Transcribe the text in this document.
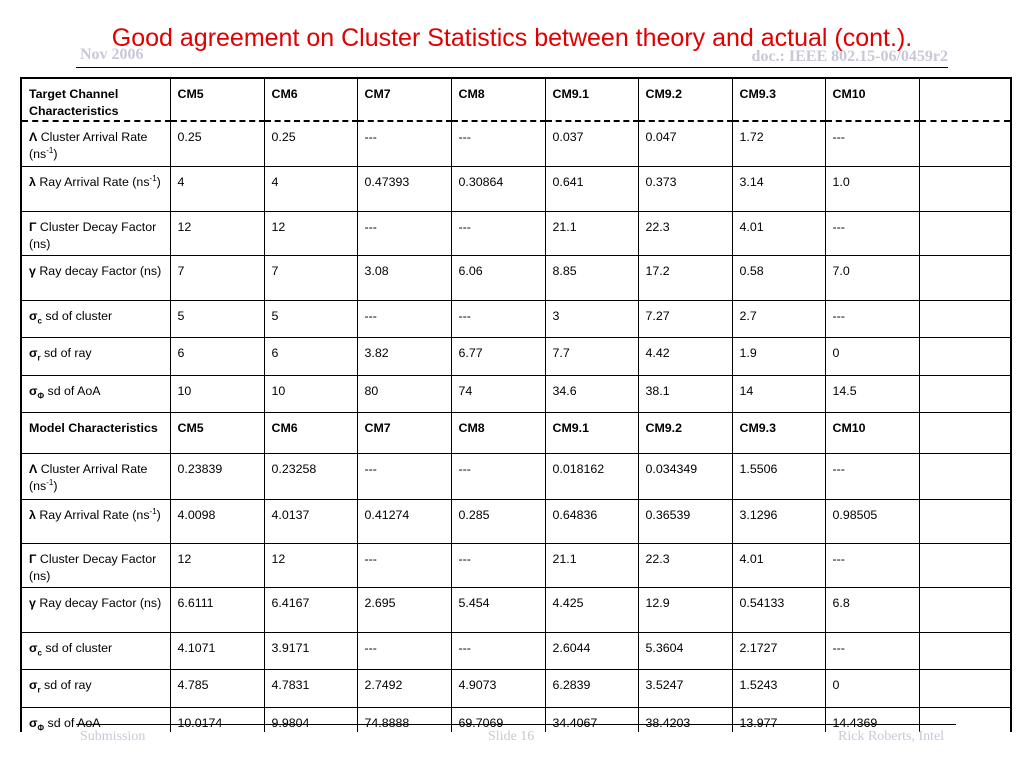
Nov 2006	doc.: IEEE 802.15-06/0459r2
Good agreement on Cluster Statistics between theory and actual (cont.).
Target Channel Characteristics	CM5	CM6	CM7	CM8	CM9.1	CM9.2	CM9.3	CM10	
Λ Cluster Arrival Rate $(ns^{-1})$	0.25	0.25	---	---	0.037	0.047	1.72	---	
λ Ray Arrival Rate $(ns^{-1})$	4	4	0.47393	0.30864	0.641	0.373	3.14	1.0	
Γ Cluster Decay Factor (ns)	12	12	---	---	21.1	22.3	4.01	---	
γ Ray decay Factor (ns)	7	7	3.08	6.06	8.85	17.2	0.58	7.0	
$\sigma_c$ sd of cluster	5	5	---	---	3	7.27	2.7	---	
$\sigma_r$ sd of ray	6	6	3.82	6.77	7.7	4.42	1.9	0	
$\sigma_\Phi$ sd of AoA	10	10	80	74	34.6	38.1	14	14.5	
Model Characteristics	CM5	CM6	CM7	CM8	CM9.1	CM9.2	CM9.3	CM10	
Λ Cluster Arrival Rate $(ns^{-1})$	0.23839	0.23258	---	---	0.018162	0.034349	1.5506	---	
λ Ray Arrival Rate $(ns^{-1})$	4.0098	4.0137	0.41274	0.285	0.64836	0.36539	3.1296	0.98505	
Γ Cluster Decay Factor (ns)	12	12	---	---	21.1	22.3	4.01	---	
γ Ray decay Factor (ns)	6.6111	6.4167	2.695	5.454	4.425	12.9	0.54133	6.8	
$\sigma_c$ sd of cluster	4.1071	3.9171	---	---	2.6044	5.3604	2.1727	---	
$\sigma_r$ sd of ray	4.785	4.7831	2.7492	4.9073	6.2839	3.5247	1.5243	0	
$\sigma_\Phi$ sd of AoA	10.0174	9.9804	74.8888	69.7069	34.4067	38.4203	13.977	14.4369	
Submission	Slide 16	Rick Roberts, Intel
